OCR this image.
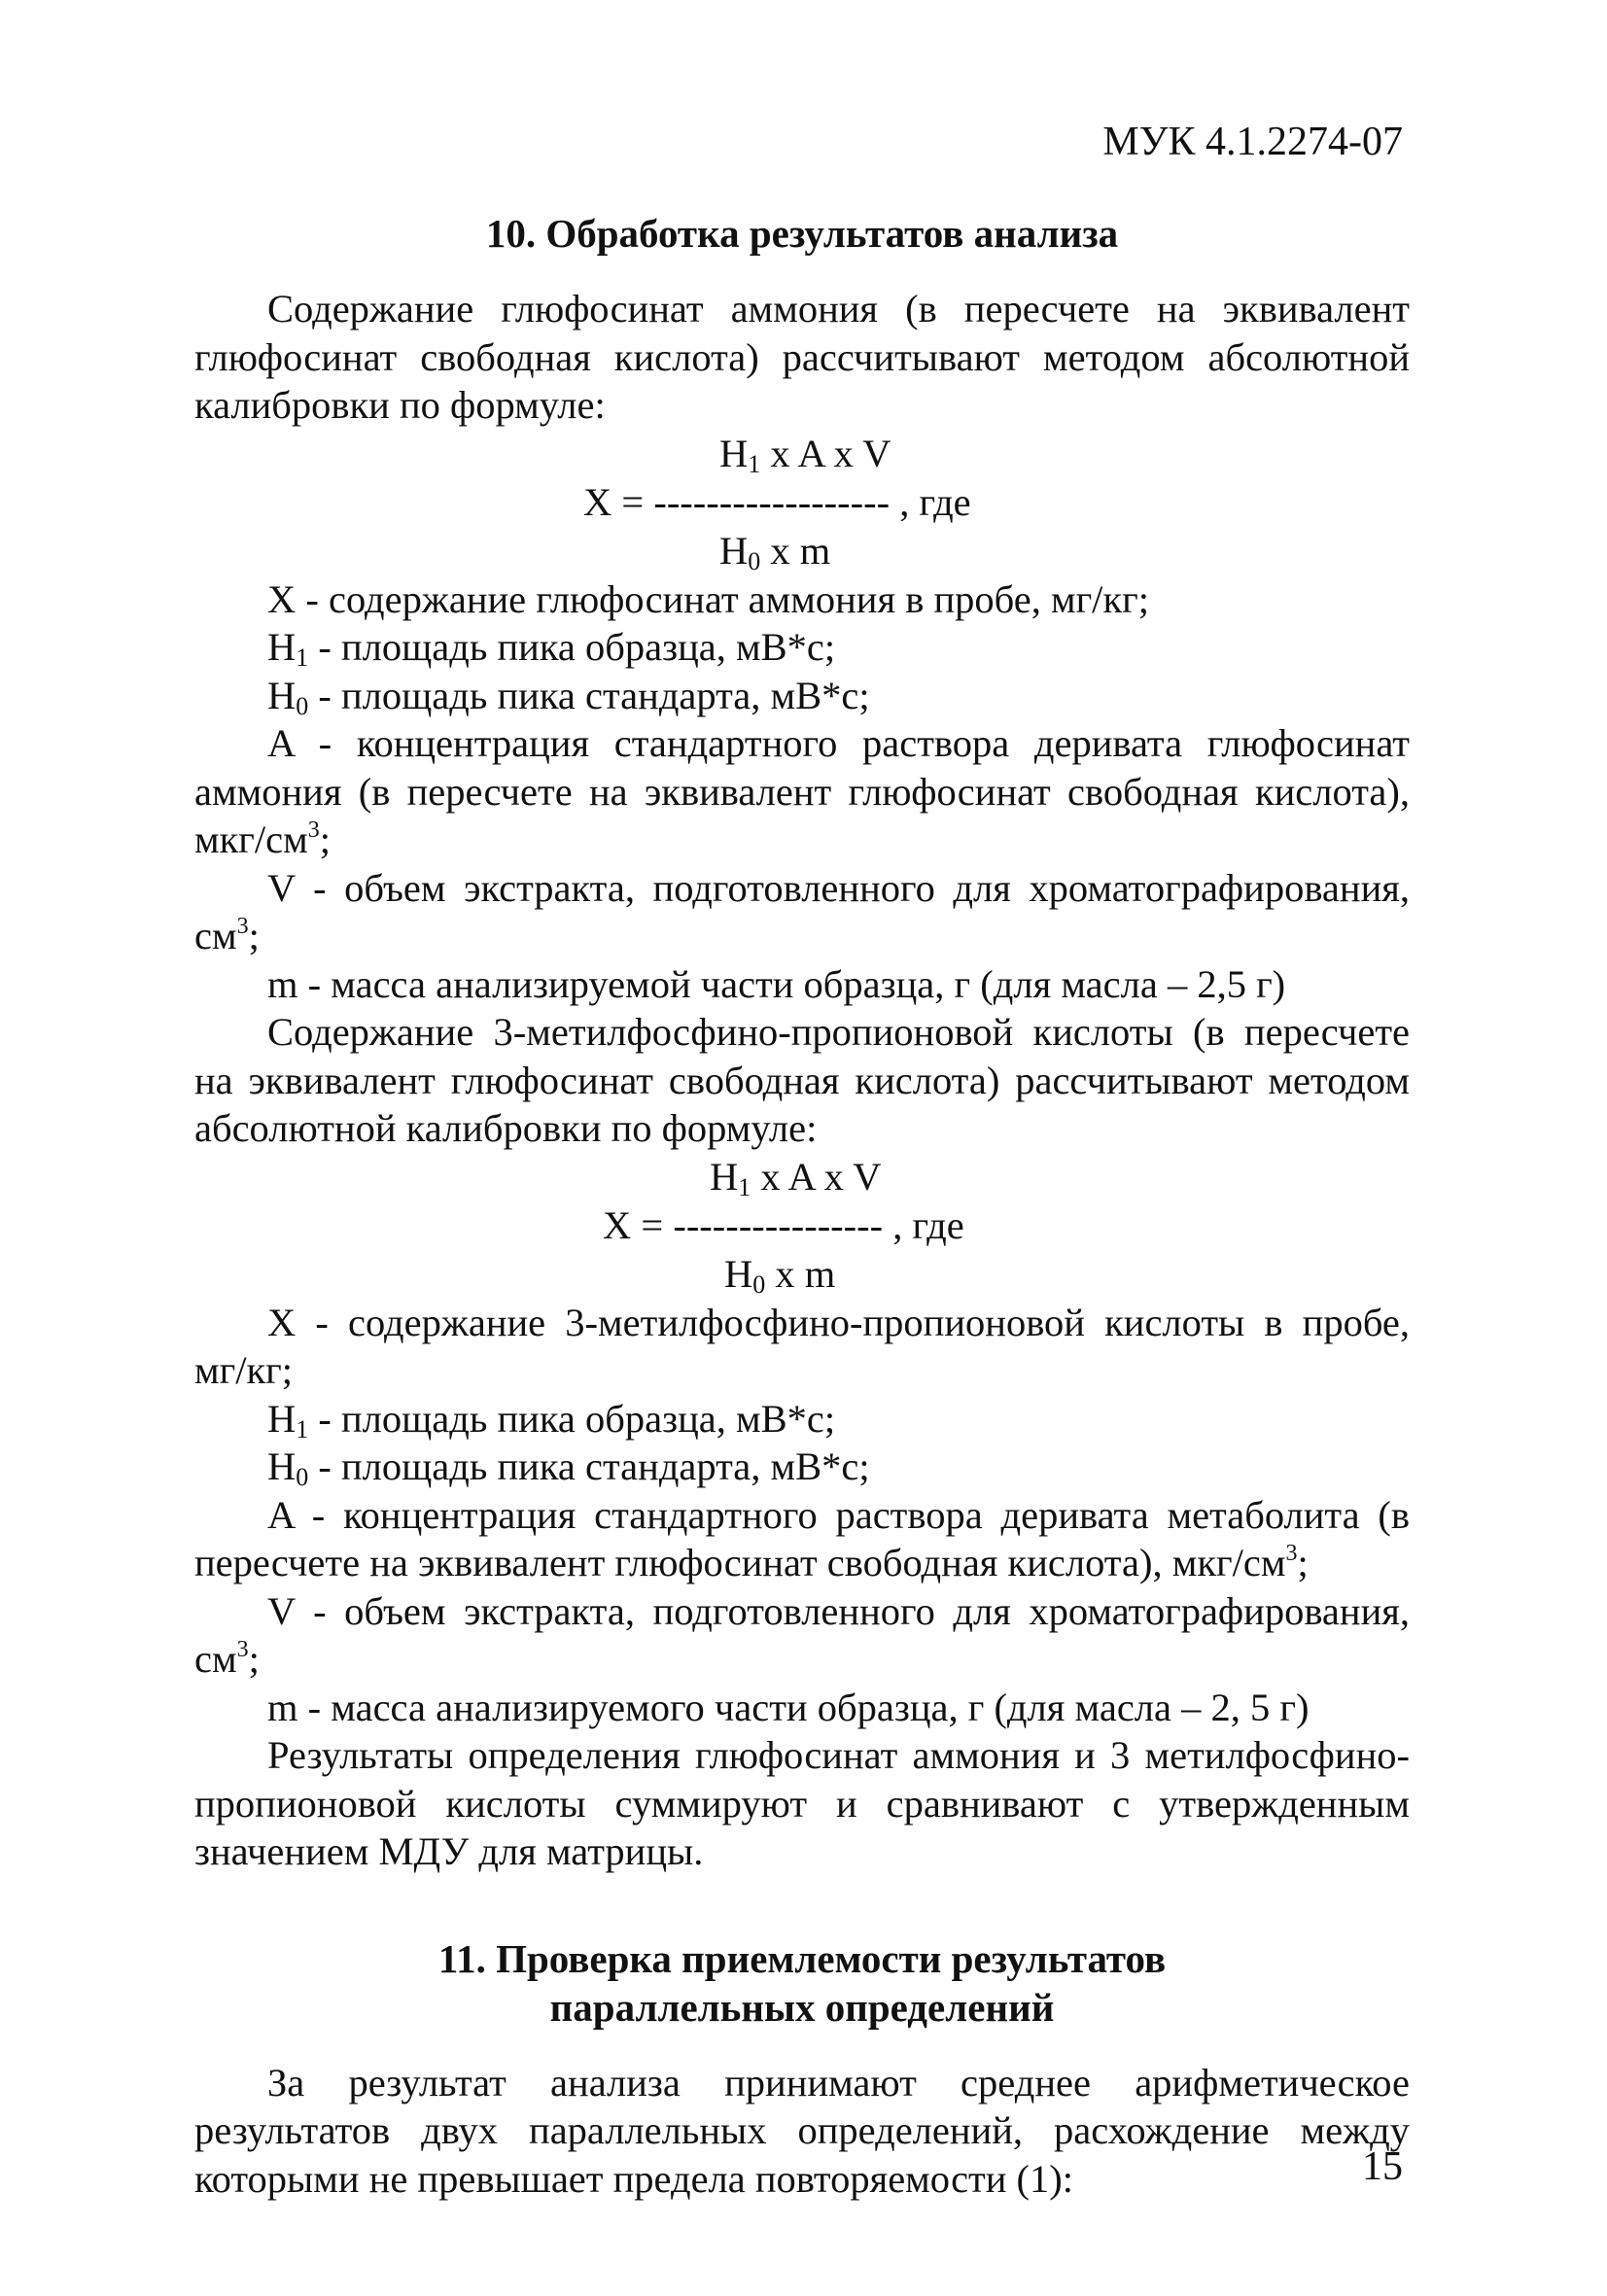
МУК 4.1.2274-07
10. Обработка результатов анализа

Содержание глюфосинат аммония (в пересчете на эквивалент глюфосинат свободная кислота) рассчитывают методом абсолютной калибровки по формуле:

$H_1$ x A x V
X = ------------------ , где
$H_0$ x m

X - содержание глюфосинат аммония в пробе, мг/кг;

$H_1$ - площадь пика образца, мВ*с;

$H_0$ - площадь пика стандарта, мВ*с;

A - концентрация стандартного раствора деривата глюфосинат аммония (в пересчете на эквивалент глюфосинат свободная кислота), мкг/$см^3$;

V - объем экстракта, подготовленного для хроматографирования, $см^3$;

m - масса анализируемой части образца, г (для масла – 2,5 г)

Содержание 3-метилфосфино-пропионовой кислоты (в пересчете на эквивалент глюфосинат свободная кислота) рассчитывают методом абсолютной калибровки по формуле:

$H_1$ x A x V
X = ---------------- , где
$H_0$ x m

X - содержание 3-метилфосфино-пропионовой кислоты в пробе, мг/кг;

$H_1$ - площадь пика образца, мВ*с;

$H_0$ - площадь пика стандарта, мВ*с;

A - концентрация стандартного раствора деривата метаболита (в пересчете на эквивалент глюфосинат свободная кислота), мкг/$см^3$;

V - объем экстракта, подготовленного для хроматографирования, $см^3$;

m - масса анализируемого части образца, г (для масла – 2, 5 г)

Результаты определения глюфосинат аммония и 3 метилфосфино-пропионовой кислоты суммируют и сравнивают с утвержденным значением МДУ для матрицы.

11. Проверка приемлемости результатов
параллельных определений

За результат анализа принимают среднее арифметическое результатов двух параллельных определений, расхождение между которыми не превышает предела повторяемости (1):	15
